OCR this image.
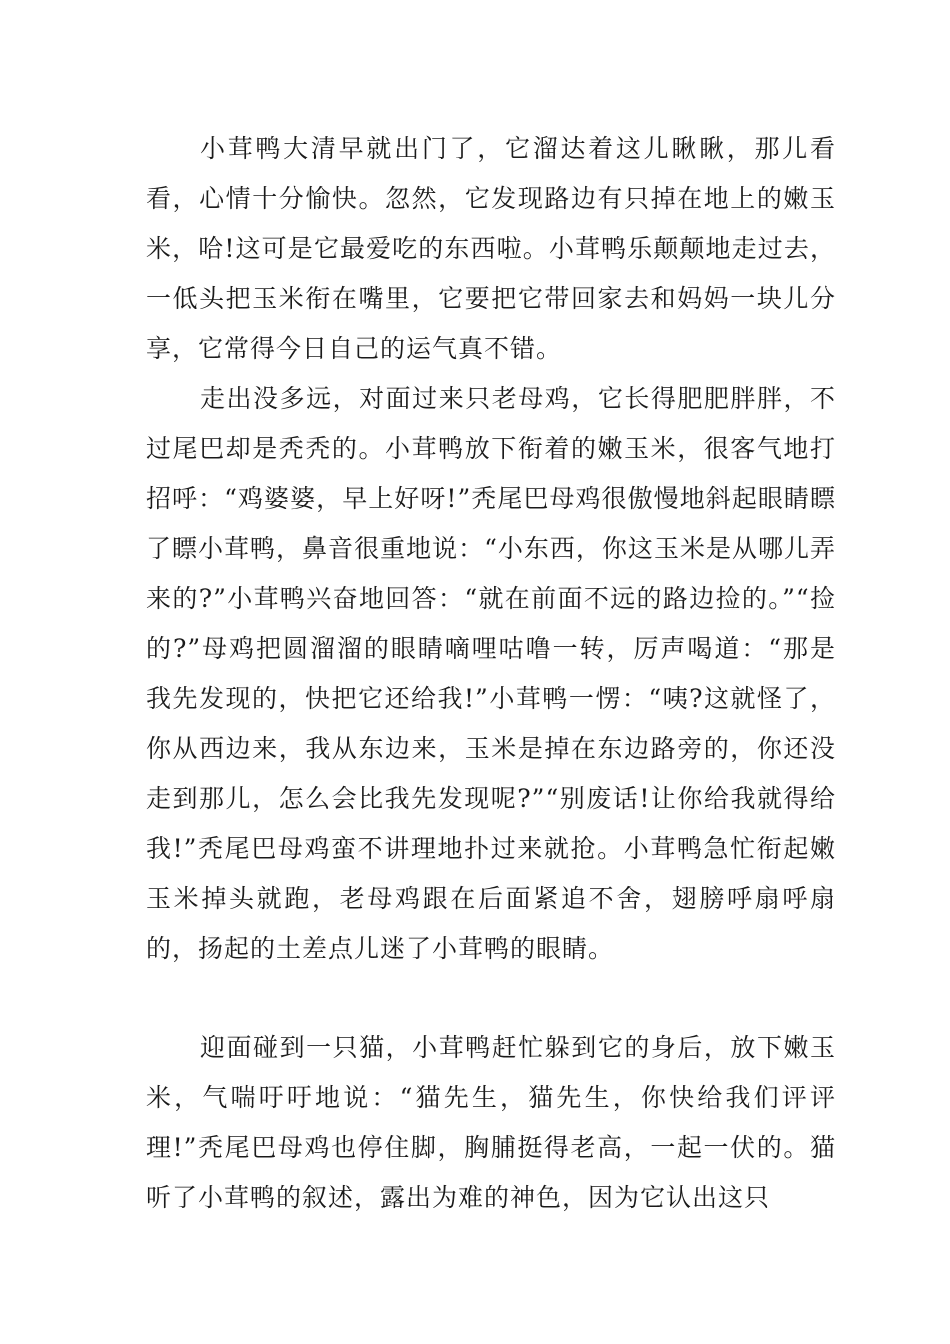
小茸鸭大清早就出门了，它溜达着这儿瞅瞅，那儿看看，心情十分愉快。忽然，它发现路边有只掉在地上的嫩玉米，哈!这可是它最爱吃的东西啦。小茸鸭乐颠颠地走过去，一低头把玉米衔在嘴里，它要把它带回家去和妈妈一块儿分享，它常得今日自己的运气真不错。

走出没多远，对面过来只老母鸡，它长得肥肥胖胖，不过尾巴却是秃秃的。小茸鸭放下衔着的嫩玉米，很客气地打招呼：“鸡婆婆，早上好呀!”秃尾巴母鸡很傲慢地斜起眼睛瞟了瞟小茸鸭，鼻音很重地说：“小东西，你这玉米是从哪儿弄来的?”小茸鸭兴奋地回答：“就在前面不远的路边捡的。”“捡的?”母鸡把圆溜溜的眼睛嘀哩咕噜一转，厉声喝道：“那是我先发现的，快把它还给我!”小茸鸭一愣：“咦?这就怪了，你从西边来，我从东边来，玉米是掉在东边路旁的，你还没走到那儿，怎么会比我先发现呢?”“别废话!让你给我就得给我!”秃尾巴母鸡蛮不讲理地扑过来就抢。小茸鸭急忙衔起嫩玉米掉头就跑，老母鸡跟在后面紧追不舍，翅膀呼扇呼扇的，扬起的土差点儿迷了小茸鸭的眼睛。

迎面碰到一只猫，小茸鸭赶忙躲到它的身后，放下嫩玉米，气喘吁吁地说：“猫先生，猫先生，你快给我们评评理!”秃尾巴母鸡也停住脚，胸脯挺得老高，一起一伏的。猫听了小茸鸭的叙述，露出为难的神色，因为它认出这只
